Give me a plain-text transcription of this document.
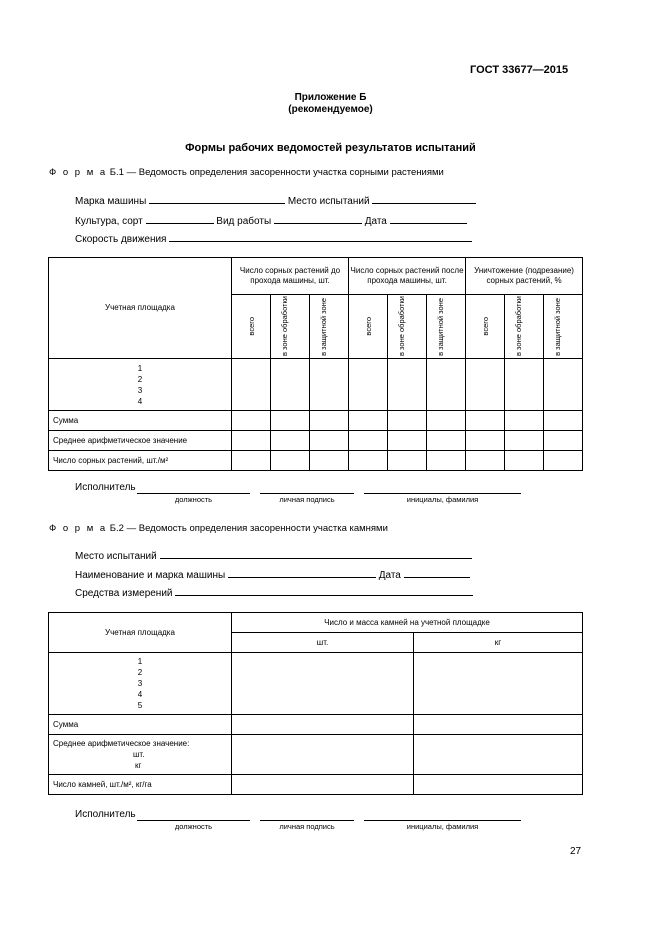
ГОСТ 33677—2015
Приложение Б
(рекомендуемое)
Формы рабочих ведомостей результатов испытаний
Ф о р м а Б.1 — Ведомость определения засоренности участка сорными растениями
Марка машины	Место испытаний
Культура, сорт	Вид работы	Дата
Скорость движения
Учетная площадка	Число сорных растений до прохода машины, шт.			Число сорных растений после прохода машины, шт.			Уничтожение (подрезание) сорных растений, %		

	всего	в зоне обработки	в защитной зоне	всего	в зоне обработки	в защитной зоне	всего	в зоне обработки	в защитной зоне

1
2
3
4									
Сумма									
Среднее арифметическое значение									
Число сорных растений, шт./м²									
Исполнитель
должность	личная подпись	инициалы, фамилия
Ф о р м а Б.2 — Ведомость определения засоренности участка камнями
Место испытаний
Наименование и марка машины	Дата
Средства измерений
Учетная площадка	Число и масса камней на учетной площадке	
	шт.	кг
1
2
3
4
5		
Сумма		

Среднее арифметическое значение:
шт.
кг		

Число камней, шт./м², кг/га		
Исполнитель
должность	личная подпись	инициалы, фамилия
27
